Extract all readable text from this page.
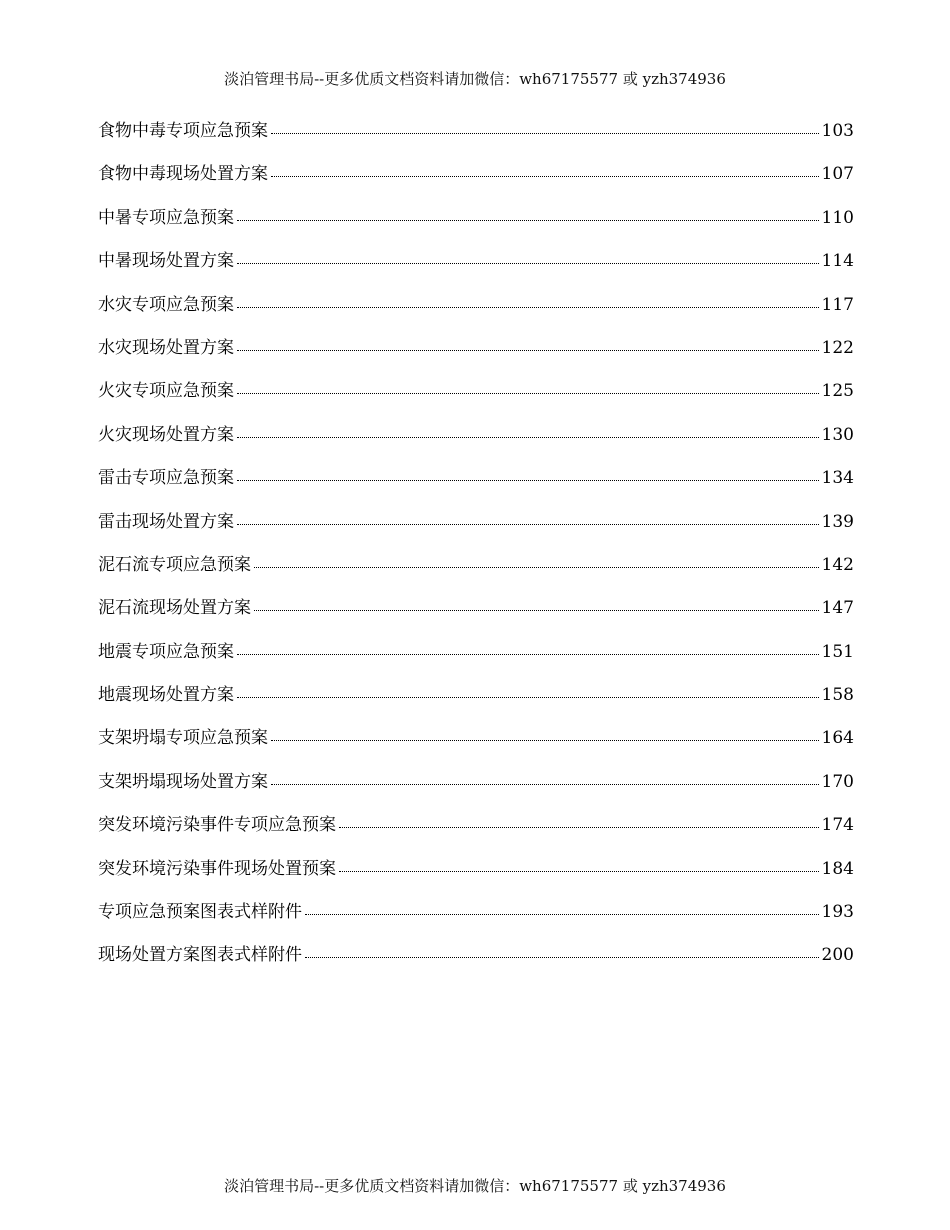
淡泊管理书局--更多优质文档资料请加微信：wh67175577 或 yzh374936
食物中毒专项应急预案	103
食物中毒现场处置方案	107
中暑专项应急预案	110
中暑现场处置方案	114
水灾专项应急预案	117
水灾现场处置方案	122
火灾专项应急预案	125
火灾现场处置方案	130
雷击专项应急预案	134
雷击现场处置方案	139
泥石流专项应急预案	142
泥石流现场处置方案	147
地震专项应急预案	151
地震现场处置方案	158
支架坍塌专项应急预案	164
支架坍塌现场处置方案	170
突发环境污染事件专项应急预案	174
突发环境污染事件现场处置预案	184
专项应急预案图表式样附件	193
现场处置方案图表式样附件	200
淡泊管理书局--更多优质文档资料请加微信：wh67175577 或 yzh374936
